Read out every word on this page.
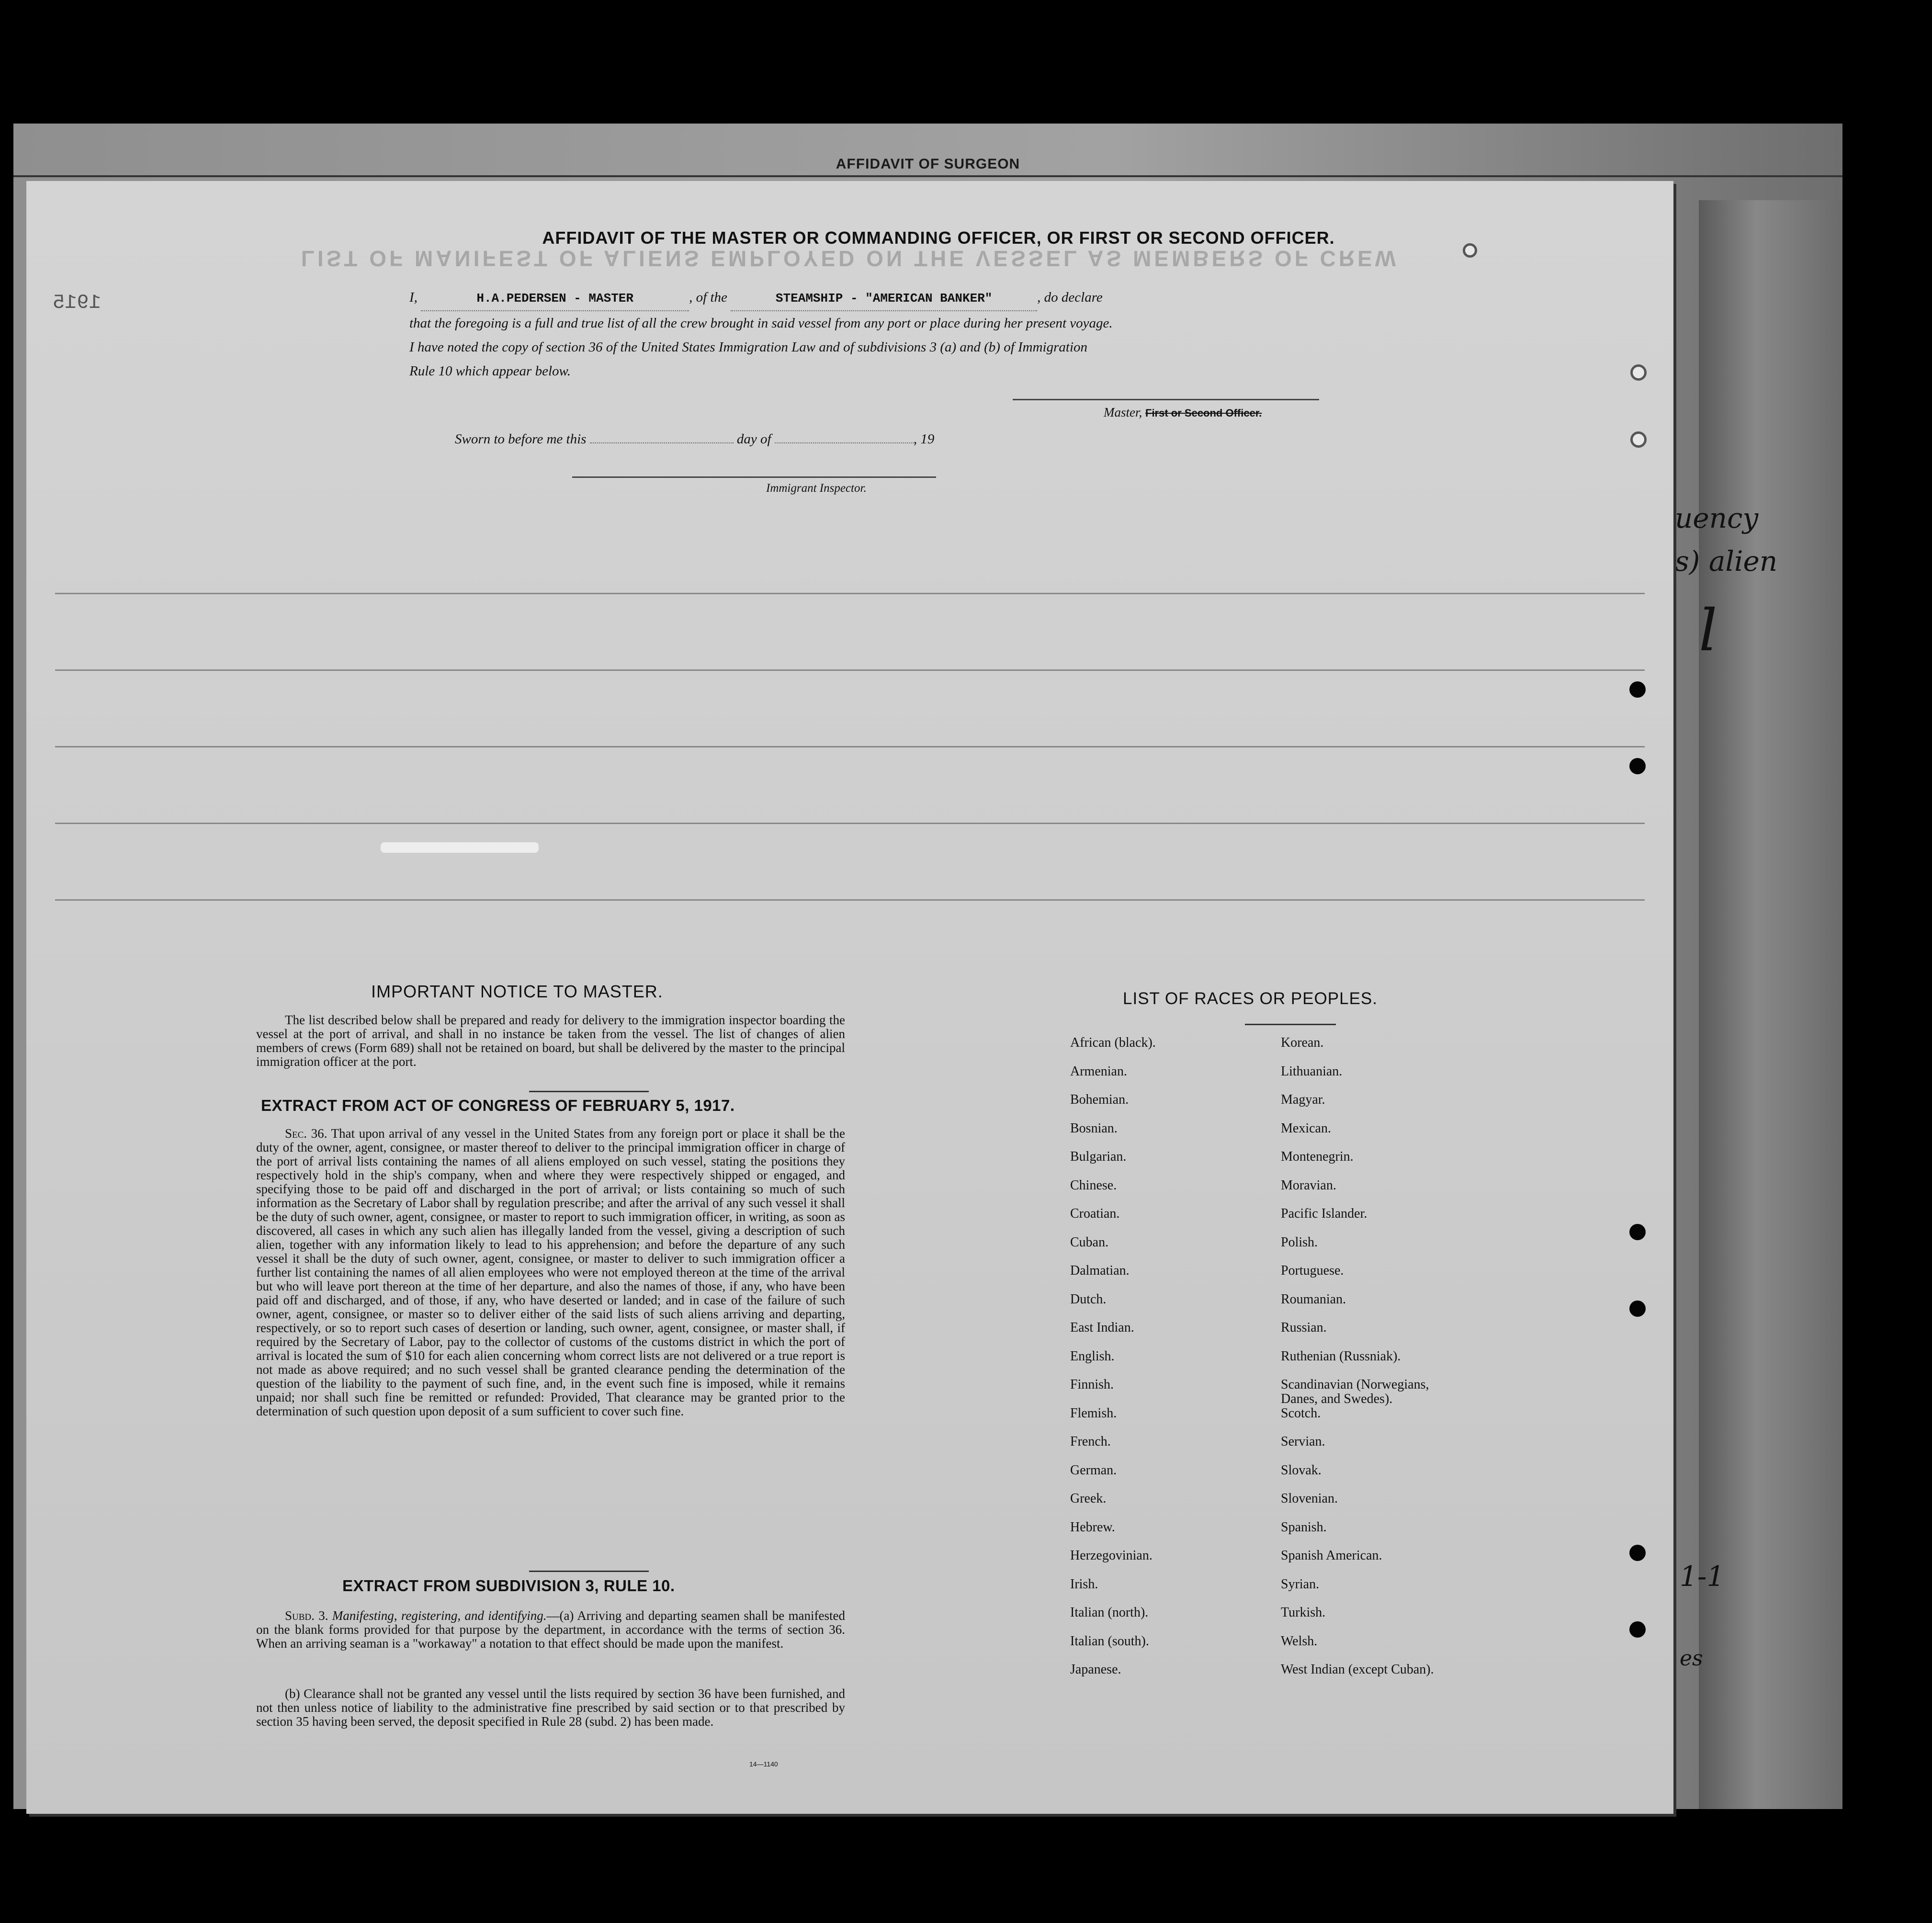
AFFIDAVIT OF SURGEON
uency
s) alien
l
1-1
es
LIST OF MANIFEST OF ALIENS EMPLOYED ON THE VESSEL AS MEMBERS OF CREW
1915
AFFIDAVIT OF THE MASTER OR COMMANDING OFFICER, OR FIRST OR SECOND OFFICER.
I,	H.A.PEDERSEN - MASTER	, of the	STEAMSHIP - "AMERICAN BANKER"	, do declare
that the foregoing is a full and true list of all the crew brought in said vessel from any port or place during her present voyage.
I have noted the copy of section 36 of the United States Immigration Law and of subdivisions 3 (a) and (b) of Immigration
Rule 10 which appear below.
Master, First or Second Officer.
Sworn to before me this	day of	, 19
Immigrant Inspector.
IMPORTANT NOTICE TO MASTER.
The list described below shall be prepared and ready for delivery to the immigration inspector boarding the vessel at the port of arrival, and shall in no instance be taken from the vessel. The list of changes of alien members of crews (Form 689) shall not be retained on board, but shall be delivered by the master to the principal immigration officer at the port.
EXTRACT FROM ACT OF CONGRESS OF FEBRUARY 5, 1917.
Sec. 36. That upon arrival of any vessel in the United States from any foreign port or place it shall be the duty of the owner, agent, consignee, or master thereof to deliver to the principal immigration officer in charge of the port of arrival lists containing the names of all aliens employed on such vessel, stating the positions they respectively hold in the ship's company, when and where they were respectively shipped or engaged, and specifying those to be paid off and discharged in the port of arrival; or lists containing so much of such information as the Secretary of Labor shall by regulation prescribe; and after the arrival of any such vessel it shall be the duty of such owner, agent, consignee, or master to report to such immigration officer, in writing, as soon as discovered, all cases in which any such alien has illegally landed from the vessel, giving a description of such alien, together with any information likely to lead to his apprehension; and before the departure of any such vessel it shall be the duty of such owner, agent, consignee, or master to deliver to such immigration officer a further list containing the names of all alien employees who were not employed thereon at the time of the arrival but who will leave port thereon at the time of her departure, and also the names of those, if any, who have been paid off and discharged, and of those, if any, who have deserted or landed; and in case of the failure of such owner, agent, consignee, or master so to deliver either of the said lists of such aliens arriving and departing, respectively, or so to report such cases of desertion or landing, such owner, agent, consignee, or master shall, if required by the Secretary of Labor, pay to the collector of customs of the customs district in which the port of arrival is located the sum of $10 for each alien concerning whom correct lists are not delivered or a true report is not made as above required; and no such vessel shall be granted clearance pending the determination of the question of the liability to the payment of such fine, and, in the event such fine is imposed, while it remains unpaid; nor shall such fine be remitted or refunded: Provided, That clearance may be granted prior to the determination of such question upon deposit of a sum sufficient to cover such fine.
EXTRACT FROM SUBDIVISION 3, RULE 10.
Subd. 3. Manifesting, registering, and identifying.—(a) Arriving and departing seamen shall be manifested on the blank forms provided for that purpose by the department, in accordance with the terms of section 36. When an arriving seaman is a "workaway" a notation to that effect should be made upon the manifest.
(b) Clearance shall not be granted any vessel until the lists required by section 36 have been furnished, and not then unless notice of liability to the administrative fine prescribed by said section or to that prescribed by section 35 having been served, the deposit specified in Rule 28 (subd. 2) has been made.
14—1140
LIST OF RACES OR PEOPLES.
African (black).
Armenian.
Bohemian.
Bosnian.
Bulgarian.
Chinese.
Croatian.
Cuban.
Dalmatian.
Dutch.
East Indian.
English.
Finnish.
Flemish.
French.
German.
Greek.
Hebrew.
Herzegovinian.
Irish.
Italian (north).
Italian (south).
Japanese.
Korean.
Lithuanian.
Magyar.
Mexican.
Montenegrin.
Moravian.
Pacific Islander.
Polish.
Portuguese.
Roumanian.
Russian.
Ruthenian (Russniak).
Scandinavian (Norwegians,
Danes, and Swedes).
Scotch.
Servian.
Slovak.
Slovenian.
Spanish.
Spanish American.
Syrian.
Turkish.
Welsh.
West Indian (except Cuban).
